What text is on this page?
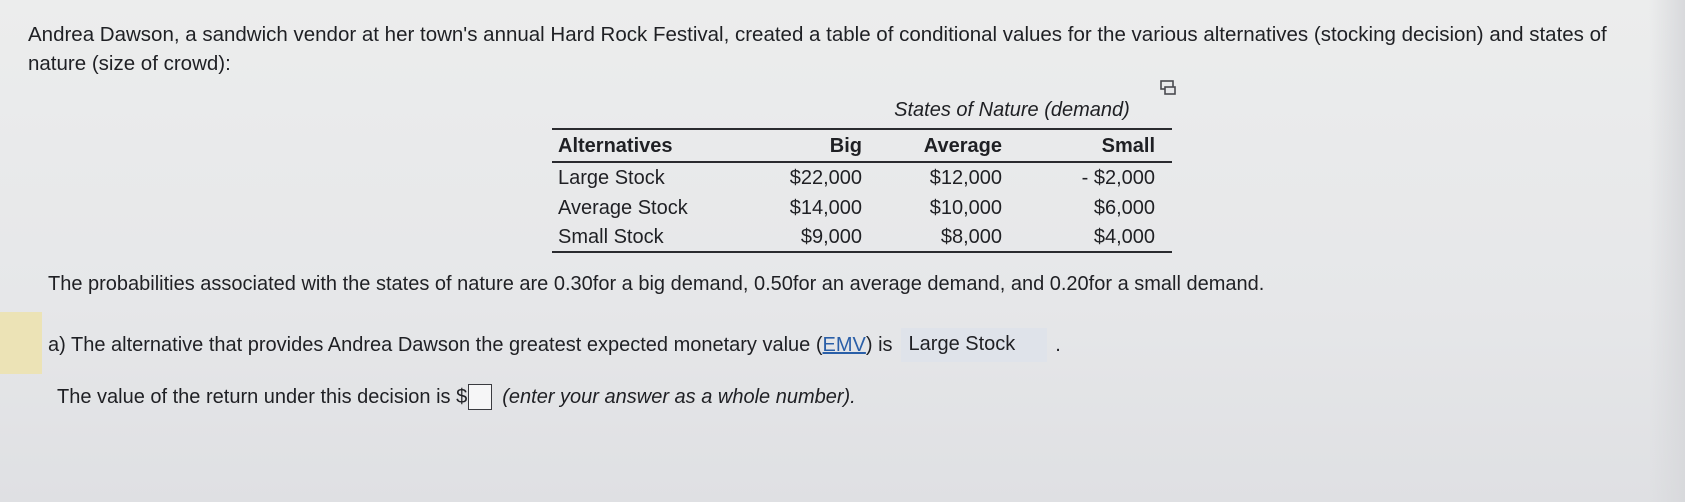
Andrea Dawson, a sandwich vendor at her town's annual Hard Rock Festival, created a table of conditional values for the various alternatives (stocking decision) and states of nature (size of crowd):

States of Nature (demand)
Alternatives	Big	Average	Small
Large Stock	$22,000	$12,000	- $2,000
Average Stock	$14,000	$10,000	$6,000
Small Stock	$9,000	$8,000	$4,000

The probabilities associated with the states of nature are 0.30for a big demand, 0.50for an average demand, and 0.20for a small demand.

a) The alternative that provides Andrea Dawson the greatest expected monetary value ( EMV ) is Large Stock	.
The value of the return under this decision is $ (enter your answer as a whole number).
